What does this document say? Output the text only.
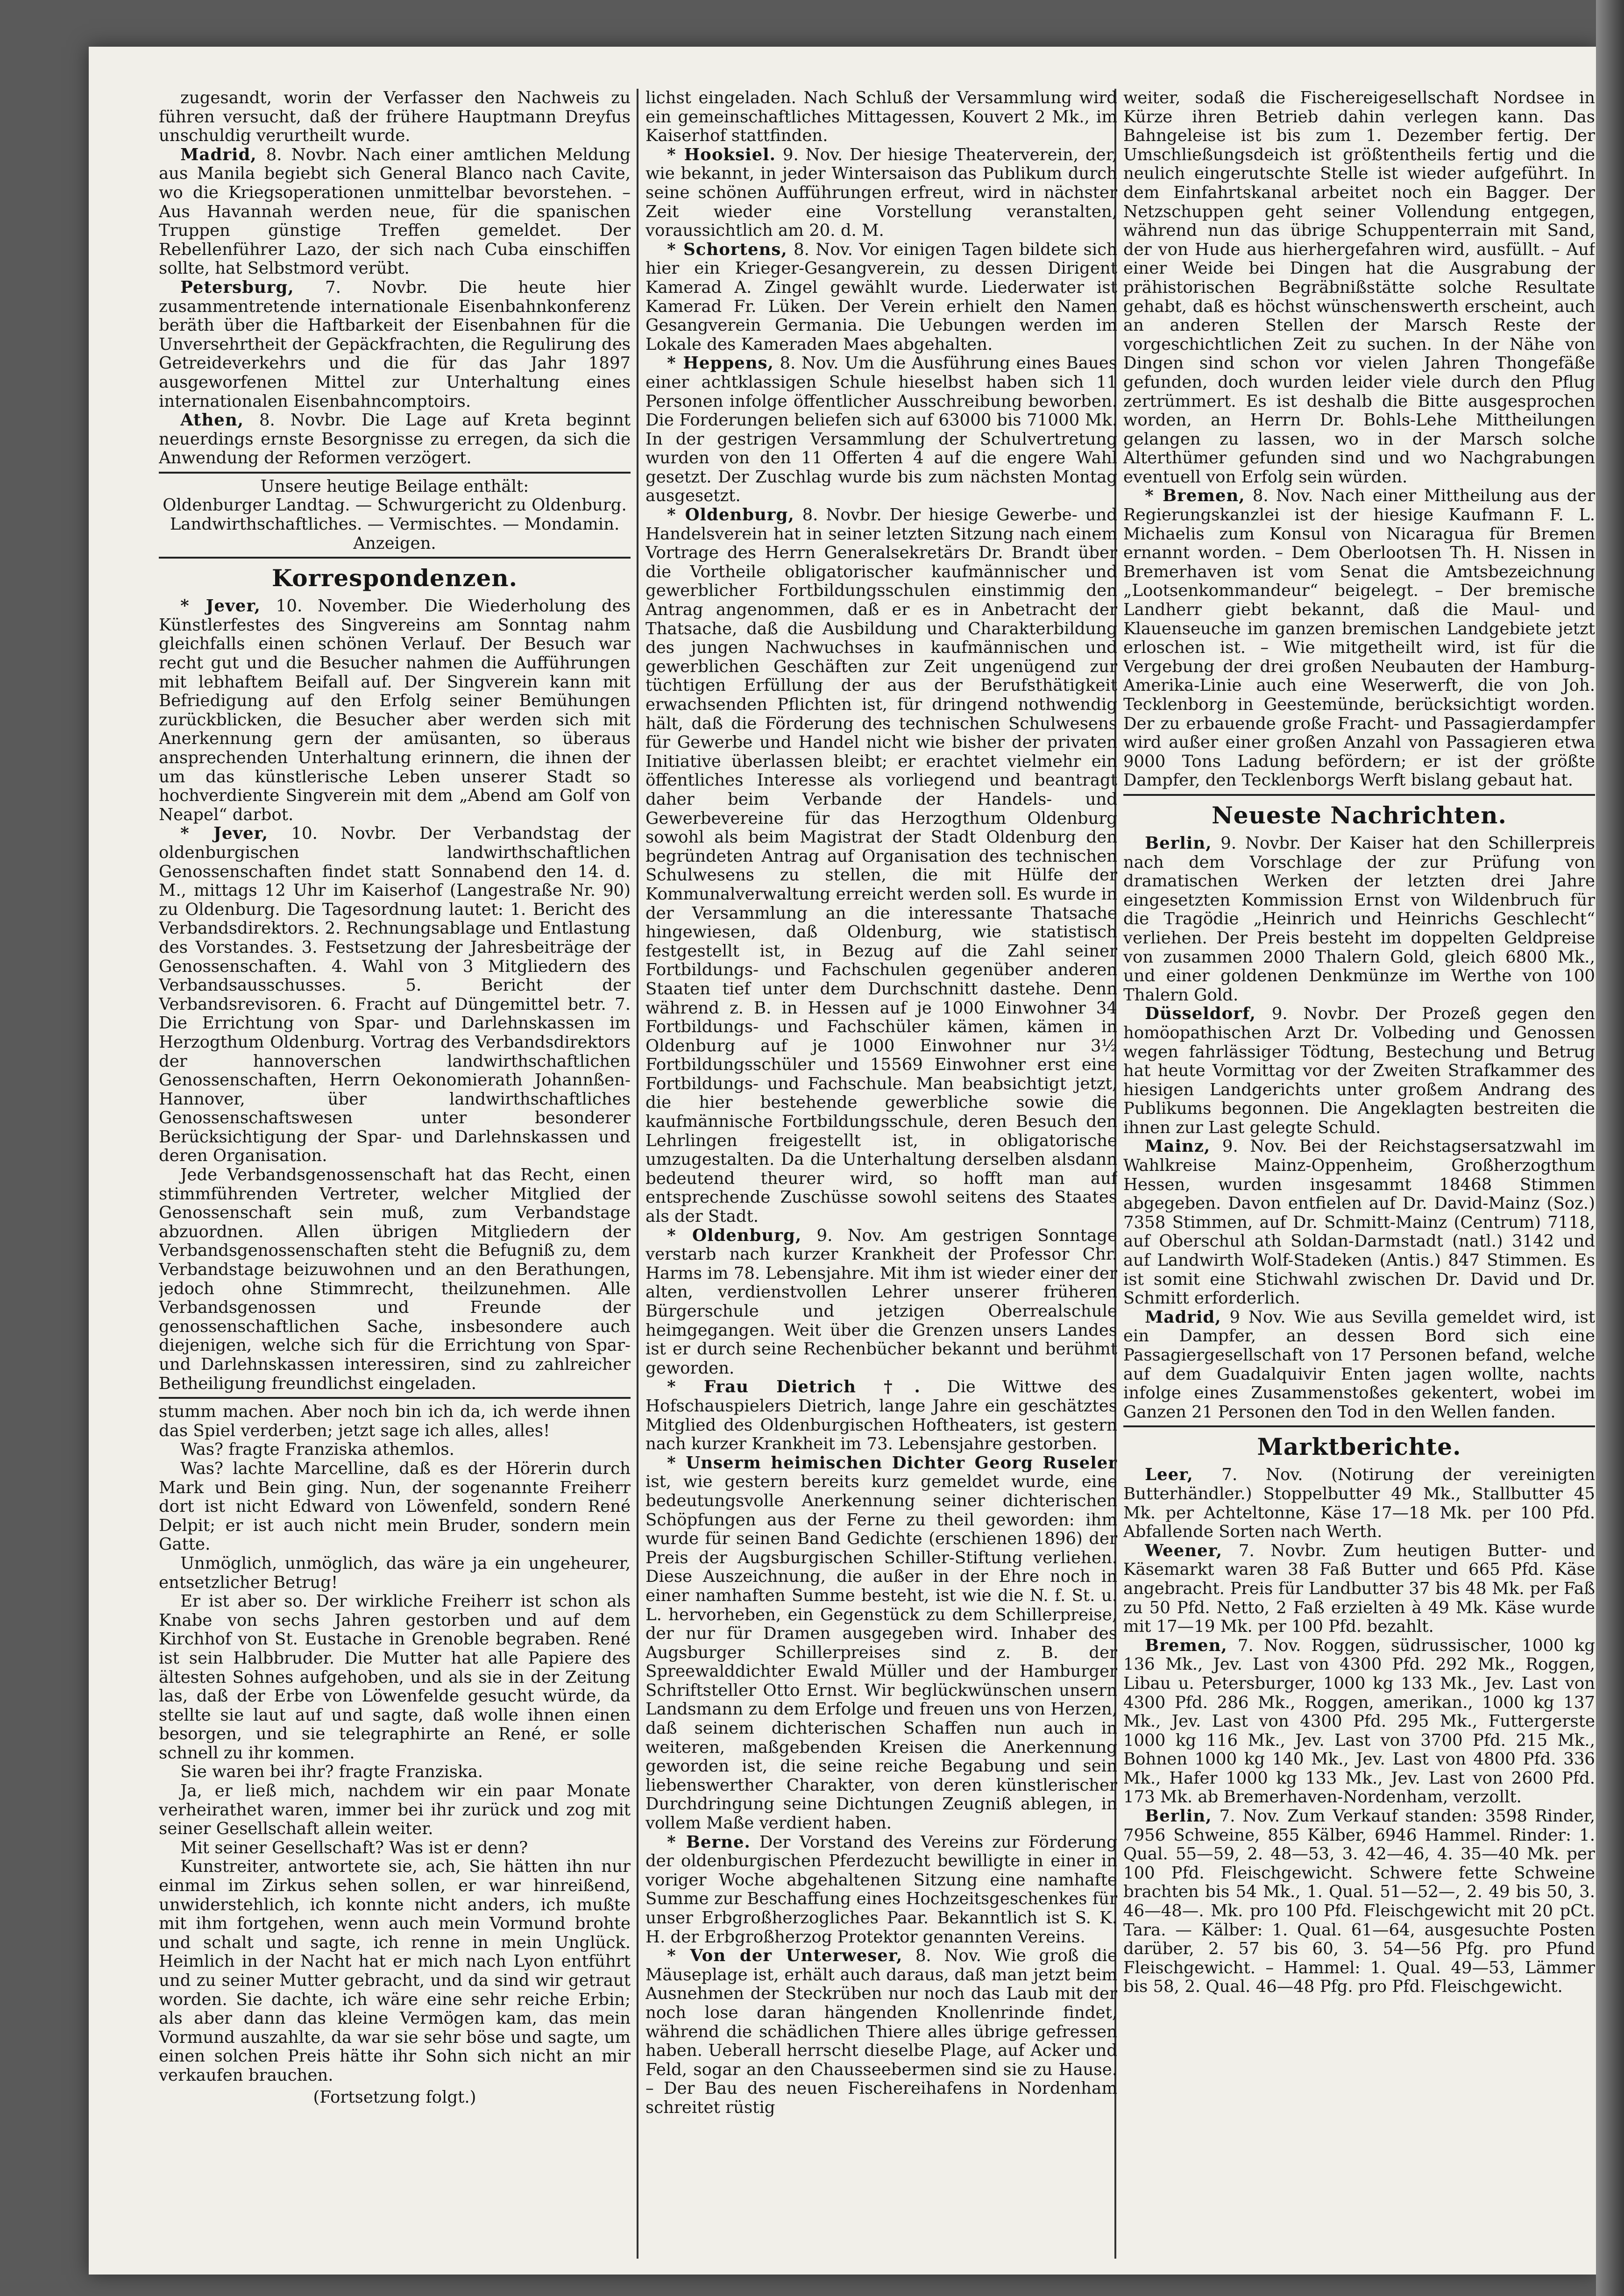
zugesandt, worin der Verfasser den Nachweis zu führen versucht, daß der frühere Hauptmann Dreyfus unschuldig verurtheilt wurde.

Madrid, 8. Novbr. Nach einer amtlichen Meldung aus Manila begiebt sich General Blanco nach Cavite, wo die Kriegsoperationen unmittelbar bevorstehen. – Aus Havannah werden neue, für die spanischen Truppen günstige Treffen gemeldet. Der Rebellenführer Lazo, der sich nach Cuba einschiffen sollte, hat Selbstmord verübt.

Petersburg, 7. Novbr. Die heute hier zusammentretende internationale Eisenbahnkonferenz beräth über die Haftbarkeit der Eisenbahnen für die Unversehrtheit der Gepäckfrachten, die Regulirung des Getreideverkehrs und die für das Jahr 1897 ausgeworfenen Mittel zur Unterhaltung eines internationalen Eisenbahncomptoirs.

Athen, 8. Novbr. Die Lage auf Kreta beginnt neuerdings ernste Besorgnisse zu erregen, da sich die Anwendung der Reformen verzögert.

Unsere heutige Beilage enthält:

Oldenburger Landtag. — Schwurgericht zu Oldenburg. Landwirthschaftliches. — Vermischtes. — Mondamin. Anzeigen.

Korrespondenzen.

* Jever, 10. November. Die Wiederholung des Künstlerfestes des Singvereins am Sonntag nahm gleichfalls einen schönen Verlauf. Der Besuch war recht gut und die Besucher nahmen die Aufführungen mit lebhaftem Beifall auf. Der Singverein kann mit Befriedigung auf den Erfolg seiner Bemühungen zurückblicken, die Besucher aber werden sich mit Anerkennung gern der amüsanten, so überaus ansprechenden Unterhaltung erinnern, die ihnen der um das künstlerische Leben unserer Stadt so hochverdiente Singverein mit dem „Abend am Golf von Neapel“ darbot.

* Jever, 10. Novbr. Der Verbandstag der oldenburgischen landwirthschaftlichen Genossenschaften findet statt Sonnabend den 14. d. M., mittags 12 Uhr im Kaiserhof (Langestraße Nr. 90) zu Oldenburg. Die Tagesordnung lautet: 1. Bericht des Verbandsdirektors. 2. Rechnungsablage und Entlastung des Vorstandes. 3. Festsetzung der Jahresbeiträge der Genossenschaften. 4. Wahl von 3 Mitgliedern des Verbandsausschusses. 5. Bericht der Verbandsrevisoren. 6. Fracht auf Düngemittel betr. 7. Die Errichtung von Spar- und Darlehnskassen im Herzogthum Oldenburg. Vortrag des Verbandsdirektors der hannoverschen landwirthschaftlichen Genossenschaften, Herrn Oekonomierath Johannßen-Hannover, über landwirthschaftliches Genossenschaftswesen unter besonderer Berücksichtigung der Spar- und Darlehnskassen und deren Organisation.

Jede Verbandsgenossenschaft hat das Recht, einen stimmführenden Vertreter, welcher Mitglied der Genossenschaft sein muß, zum Verbandstage abzuordnen. Allen übrigen Mitgliedern der Verbandsgenossenschaften steht die Befugniß zu, dem Verbandstage beizuwohnen und an den Berathungen, jedoch ohne Stimmrecht, theilzunehmen. Alle Verbandsgenossen und Freunde der genossenschaftlichen Sache, insbesondere auch diejenigen, welche sich für die Errichtung von Spar- und Darlehnskassen interessiren, sind zu zahlreicher Betheiligung freundlichst eingeladen.

stumm machen. Aber noch bin ich da, ich werde ihnen das Spiel verderben; jetzt sage ich alles, alles!

Was? fragte Franziska athemlos.

Was? lachte Marcelline, daß es der Hörerin durch Mark und Bein ging. Nun, der sogenannte Freiherr dort ist nicht Edward von Löwenfeld, sondern René Delpit; er ist auch nicht mein Bruder, sondern mein Gatte.

Unmöglich, unmöglich, das wäre ja ein ungeheurer, entsetzlicher Betrug!

Er ist aber so. Der wirkliche Freiherr ist schon als Knabe von sechs Jahren gestorben und auf dem Kirchhof von St. Eustache in Grenoble begraben. René ist sein Halbbruder. Die Mutter hat alle Papiere des ältesten Sohnes aufgehoben, und als sie in der Zeitung las, daß der Erbe von Löwenfelde gesucht würde, da stellte sie laut auf und sagte, daß wolle ihnen einen besorgen, und sie telegraphirte an René, er solle schnell zu ihr kommen.

Sie waren bei ihr? fragte Franziska.

Ja, er ließ mich, nachdem wir ein paar Monate verheirathet waren, immer bei ihr zurück und zog mit seiner Gesellschaft allein weiter.

Mit seiner Gesellschaft? Was ist er denn?

Kunstreiter, antwortete sie, ach, Sie hätten ihn nur einmal im Zirkus sehen sollen, er war hinreißend, unwiderstehlich, ich konnte nicht anders, ich mußte mit ihm fortgehen, wenn auch mein Vormund brohte und schalt und sagte, ich renne in mein Unglück. Heimlich in der Nacht hat er mich nach Lyon entführt und zu seiner Mutter gebracht, und da sind wir getraut worden. Sie dachte, ich wäre eine sehr reiche Erbin; als aber dann das kleine Vermögen kam, das mein Vormund auszahlte, da war sie sehr böse und sagte, um einen solchen Preis hätte ihr Sohn sich nicht an mir verkaufen brauchen.

(Fortsetzung folgt.)

lichst eingeladen. Nach Schluß der Versammlung wird ein gemeinschaftliches Mittagessen, Kouvert 2 Mk., im Kaiserhof stattfinden.

* Hooksiel. 9. Nov. Der hiesige Theaterverein, der, wie bekannt, in jeder Wintersaison das Publikum durch seine schönen Aufführungen erfreut, wird in nächster Zeit wieder eine Vorstellung veranstalten, voraussichtlich am 20. d. M.

* Schortens, 8. Nov. Vor einigen Tagen bildete sich hier ein Krieger-Gesangverein, zu dessen Dirigent Kamerad A. Zingel gewählt wurde. Liederwater ist Kamerad Fr. Lüken. Der Verein erhielt den Namen Gesangverein Germania. Die Uebungen werden im Lokale des Kameraden Maes abgehalten.

* Heppens, 8. Nov. Um die Ausführung eines Baues einer achtklassigen Schule hieselbst haben sich 11 Personen infolge öffentlicher Ausschreibung beworben. Die Forderungen beliefen sich auf 63000 bis 71000 Mk. In der gestrigen Versammlung der Schulvertretung wurden von den 11 Offerten 4 auf die engere Wahl gesetzt. Der Zuschlag wurde bis zum nächsten Montag ausgesetzt.

* Oldenburg, 8. Novbr. Der hiesige Gewerbe- und Handelsverein hat in seiner letzten Sitzung nach einem Vortrage des Herrn Generalsekretärs Dr. Brandt über die Vortheile obligatorischer kaufmännischer und gewerblicher Fortbildungsschulen einstimmig den Antrag angenommen, daß er es in Anbetracht der Thatsache, daß die Ausbildung und Charakterbildung des jungen Nachwuchses in kaufmännischen und gewerblichen Geschäften zur Zeit ungenügend zur tüchtigen Erfüllung der aus der Berufsthätigkeit erwachsenden Pflichten ist, für dringend nothwendig hält, daß die Förderung des technischen Schulwesens für Gewerbe und Handel nicht wie bisher der privaten Initiative überlassen bleibt; er erachtet vielmehr ein öffentliches Interesse als vorliegend und beantragt daher beim Verbande der Handels- und Gewerbevereine für das Herzogthum Oldenburg sowohl als beim Magistrat der Stadt Oldenburg den begründeten Antrag auf Organisation des technischen Schulwesens zu stellen, die mit Hülfe der Kommunalverwaltung erreicht werden soll. Es wurde in der Versammlung an die interessante Thatsache hingewiesen, daß Oldenburg, wie statistisch festgestellt ist, in Bezug auf die Zahl seiner Fortbildungs- und Fachschulen gegenüber anderen Staaten tief unter dem Durchschnitt dastehe. Denn während z. B. in Hessen auf je 1000 Einwohner 34 Fortbildungs- und Fachschüler kämen, kämen in Oldenburg auf je 1000 Einwohner nur 3½ Fortbildungsschüler und 15569 Einwohner erst eine Fortbildungs- und Fachschule. Man beabsichtigt jetzt, die hier bestehende gewerbliche sowie die kaufmännische Fortbildungsschule, deren Besuch den Lehrlingen freigestellt ist, in obligatorische umzugestalten. Da die Unterhaltung derselben alsdann bedeutend theurer wird, so hofft man auf entsprechende Zuschüsse sowohl seitens des Staates als der Stadt.

* Oldenburg, 9. Nov. Am gestrigen Sonntage verstarb nach kurzer Krankheit der Professor Chr. Harms im 78. Lebensjahre. Mit ihm ist wieder einer der alten, verdienstvollen Lehrer unserer früheren Bürgerschule und jetzigen Oberrealschule heimgegangen. Weit über die Grenzen unsers Landes ist er durch seine Rechenbücher bekannt und berühmt geworden.

* Frau Dietrich †. Die Wittwe des Hofschauspielers Dietrich, lange Jahre ein geschätztes Mitglied des Oldenburgischen Hoftheaters, ist gestern nach kurzer Krankheit im 73. Lebensjahre gestorben.

* Unserm heimischen Dichter Georg Ruseler ist, wie gestern bereits kurz gemeldet wurde, eine bedeutungsvolle Anerkennung seiner dichterischen Schöpfungen aus der Ferne zu theil geworden: ihm wurde für seinen Band Gedichte (erschienen 1896) der Preis der Augsburgischen Schiller-Stiftung verliehen. Diese Auszeichnung, die außer in der Ehre noch in einer namhaften Summe besteht, ist wie die N. f. St. u. L. hervorheben, ein Gegenstück zu dem Schillerpreise, der nur für Dramen ausgegeben wird. Inhaber des Augsburger Schillerpreises sind z. B. der Spreewalddichter Ewald Müller und der Hamburger Schriftsteller Otto Ernst. Wir beglückwünschen unsern Landsmann zu dem Erfolge und freuen uns von Herzen, daß seinem dichterischen Schaffen nun auch in weiteren, maßgebenden Kreisen die Anerkennung geworden ist, die seine reiche Begabung und sein liebenswerther Charakter, von deren künstlerischer Durchdringung seine Dichtungen Zeugniß ablegen, in vollem Maße verdient haben.

* Berne. Der Vorstand des Vereins zur Förderung der oldenburgischen Pferdezucht bewilligte in einer in voriger Woche abgehaltenen Sitzung eine namhafte Summe zur Beschaffung eines Hochzeitsgeschenkes für unser Erbgroßherzogliches Paar. Bekanntlich ist S. K. H. der Erbgroßherzog Protektor genannten Vereins.

* Von der Unterweser, 8. Nov. Wie groß die Mäuseplage ist, erhält auch daraus, daß man jetzt beim Ausnehmen der Steckrüben nur noch das Laub mit der noch lose daran hängenden Knollenrinde findet, während die schädlichen Thiere alles übrige gefressen haben. Ueberall herrscht dieselbe Plage, auf Acker und Feld, sogar an den Chausseebermen sind sie zu Hause. – Der Bau des neuen Fischereihafens in Nordenham schreitet rüstig

weiter, sodaß die Fischereigesellschaft Nordsee in Kürze ihren Betrieb dahin verlegen kann. Das Bahngeleise ist bis zum 1. Dezember fertig. Der Umschließungsdeich ist größtentheils fertig und die neulich eingerutschte Stelle ist wieder aufgeführt. In dem Einfahrtskanal arbeitet noch ein Bagger. Der Netzschuppen geht seiner Vollendung entgegen, während nun das übrige Schuppenterrain mit Sand, der von Hude aus hierhergefahren wird, ausfüllt. – Auf einer Weide bei Dingen hat die Ausgrabung der prähistorischen Begräbnißstätte solche Resultate gehabt, daß es höchst wünschenswerth erscheint, auch an anderen Stellen der Marsch Reste der vorgeschichtlichen Zeit zu suchen. In der Nähe von Dingen sind schon vor vielen Jahren Thongefäße gefunden, doch wurden leider viele durch den Pflug zertrümmert. Es ist deshalb die Bitte ausgesprochen worden, an Herrn Dr. Bohls-Lehe Mittheilungen gelangen zu lassen, wo in der Marsch solche Alterthümer gefunden sind und wo Nachgrabungen eventuell von Erfolg sein würden.

* Bremen, 8. Nov. Nach einer Mittheilung aus der Regierungskanzlei ist der hiesige Kaufmann F. L. Michaelis zum Konsul von Nicaragua für Bremen ernannt worden. – Dem Oberlootsen Th. H. Nissen in Bremerhaven ist vom Senat die Amtsbezeichnung „Lootsenkommandeur“ beigelegt. – Der bremische Landherr giebt bekannt, daß die Maul- und Klauenseuche im ganzen bremischen Landgebiete jetzt erloschen ist. – Wie mitgetheilt wird, ist für die Vergebung der drei großen Neubauten der Hamburg-Amerika-Linie auch eine Weserwerft, die von Joh. Tecklenborg in Geestemünde, berücksichtigt worden. Der zu erbauende große Fracht- und Passagierdampfer wird außer einer großen Anzahl von Passagieren etwa 9000 Tons Ladung befördern; er ist der größte Dampfer, den Tecklenborgs Werft bislang gebaut hat.

Neueste Nachrichten.

Berlin, 9. Novbr. Der Kaiser hat den Schillerpreis nach dem Vorschlage der zur Prüfung von dramatischen Werken der letzten drei Jahre eingesetzten Kommission Ernst von Wildenbruch für die Tragödie „Heinrich und Heinrichs Geschlecht“ verliehen. Der Preis besteht im doppelten Geldpreise von zusammen 2000 Thalern Gold, gleich 6800 Mk., und einer goldenen Denkmünze im Werthe von 100 Thalern Gold.

Düsseldorf, 9. Novbr. Der Prozeß gegen den homöopathischen Arzt Dr. Volbeding und Genossen wegen fahrlässiger Tödtung, Bestechung und Betrug hat heute Vormittag vor der Zweiten Strafkammer des hiesigen Landgerichts unter großem Andrang des Publikums begonnen. Die Angeklagten bestreiten die ihnen zur Last gelegte Schuld.

Mainz, 9. Nov. Bei der Reichstagsersatzwahl im Wahlkreise Mainz-Oppenheim, Großherzogthum Hessen, wurden insgesammt 18468 Stimmen abgegeben. Davon entfielen auf Dr. David-Mainz (Soz.) 7358 Stimmen, auf Dr. Schmitt-Mainz (Centrum) 7118, auf Oberschul ath Soldan-Darmstadt (natl.) 3142 und auf Landwirth Wolf-Stadeken (Antis.) 847 Stimmen. Es ist somit eine Stichwahl zwischen Dr. David und Dr. Schmitt erforderlich.

Madrid, 9 Nov. Wie aus Sevilla gemeldet wird, ist ein Dampfer, an dessen Bord sich eine Passagiergesellschaft von 17 Personen befand, welche auf dem Guadalquivir Enten jagen wollte, nachts infolge eines Zusammenstoßes gekentert, wobei im Ganzen 21 Personen den Tod in den Wellen fanden.

Marktberichte.

Leer, 7. Nov. (Notirung der vereinigten Butterhändler.) Stoppelbutter 49 Mk., Stallbutter 45 Mk. per Achteltonne, Käse 17—18 Mk. per 100 Pfd. Abfallende Sorten nach Werth.

Weener, 7. Novbr. Zum heutigen Butter- und Käsemarkt waren 38 Faß Butter und 665 Pfd. Käse angebracht. Preis für Landbutter 37 bis 48 Mk. per Faß zu 50 Pfd. Netto, 2 Faß erzielten à 49 Mk. Käse wurde mit 17—19 Mk. per 100 Pfd. bezahlt.

Bremen, 7. Nov. Roggen, südrussischer, 1000 kg 136 Mk., Jev. Last von 4300 Pfd. 292 Mk., Roggen, Libau u. Petersburger, 1000 kg 133 Mk., Jev. Last von 4300 Pfd. 286 Mk., Roggen, amerikan., 1000 kg 137 Mk., Jev. Last von 4300 Pfd. 295 Mk., Futtergerste 1000 kg 116 Mk., Jev. Last von 3700 Pfd. 215 Mk., Bohnen 1000 kg 140 Mk., Jev. Last von 4800 Pfd. 336 Mk., Hafer 1000 kg 133 Mk., Jev. Last von 2600 Pfd. 173 Mk. ab Bremerhaven-Nordenham, verzollt.

Berlin, 7. Nov. Zum Verkauf standen: 3598 Rinder, 7956 Schweine, 855 Kälber, 6946 Hammel. Rinder: 1. Qual. 55—59, 2. 48—53, 3. 42—46, 4. 35—40 Mk. per 100 Pfd. Fleischgewicht. Schwere fette Schweine brachten bis 54 Mk., 1. Qual. 51—52—, 2. 49 bis 50, 3. 46—48—. Mk. pro 100 Pfd. Fleischgewicht mit 20 pCt. Tara. — Kälber: 1. Qual. 61—64, ausgesuchte Posten darüber, 2. 57 bis 60, 3. 54—56 Pfg. pro Pfund Fleischgewicht. – Hammel: 1. Qual. 49—53, Lämmer bis 58, 2. Qual. 46—48 Pfg. pro Pfd. Fleischgewicht.
